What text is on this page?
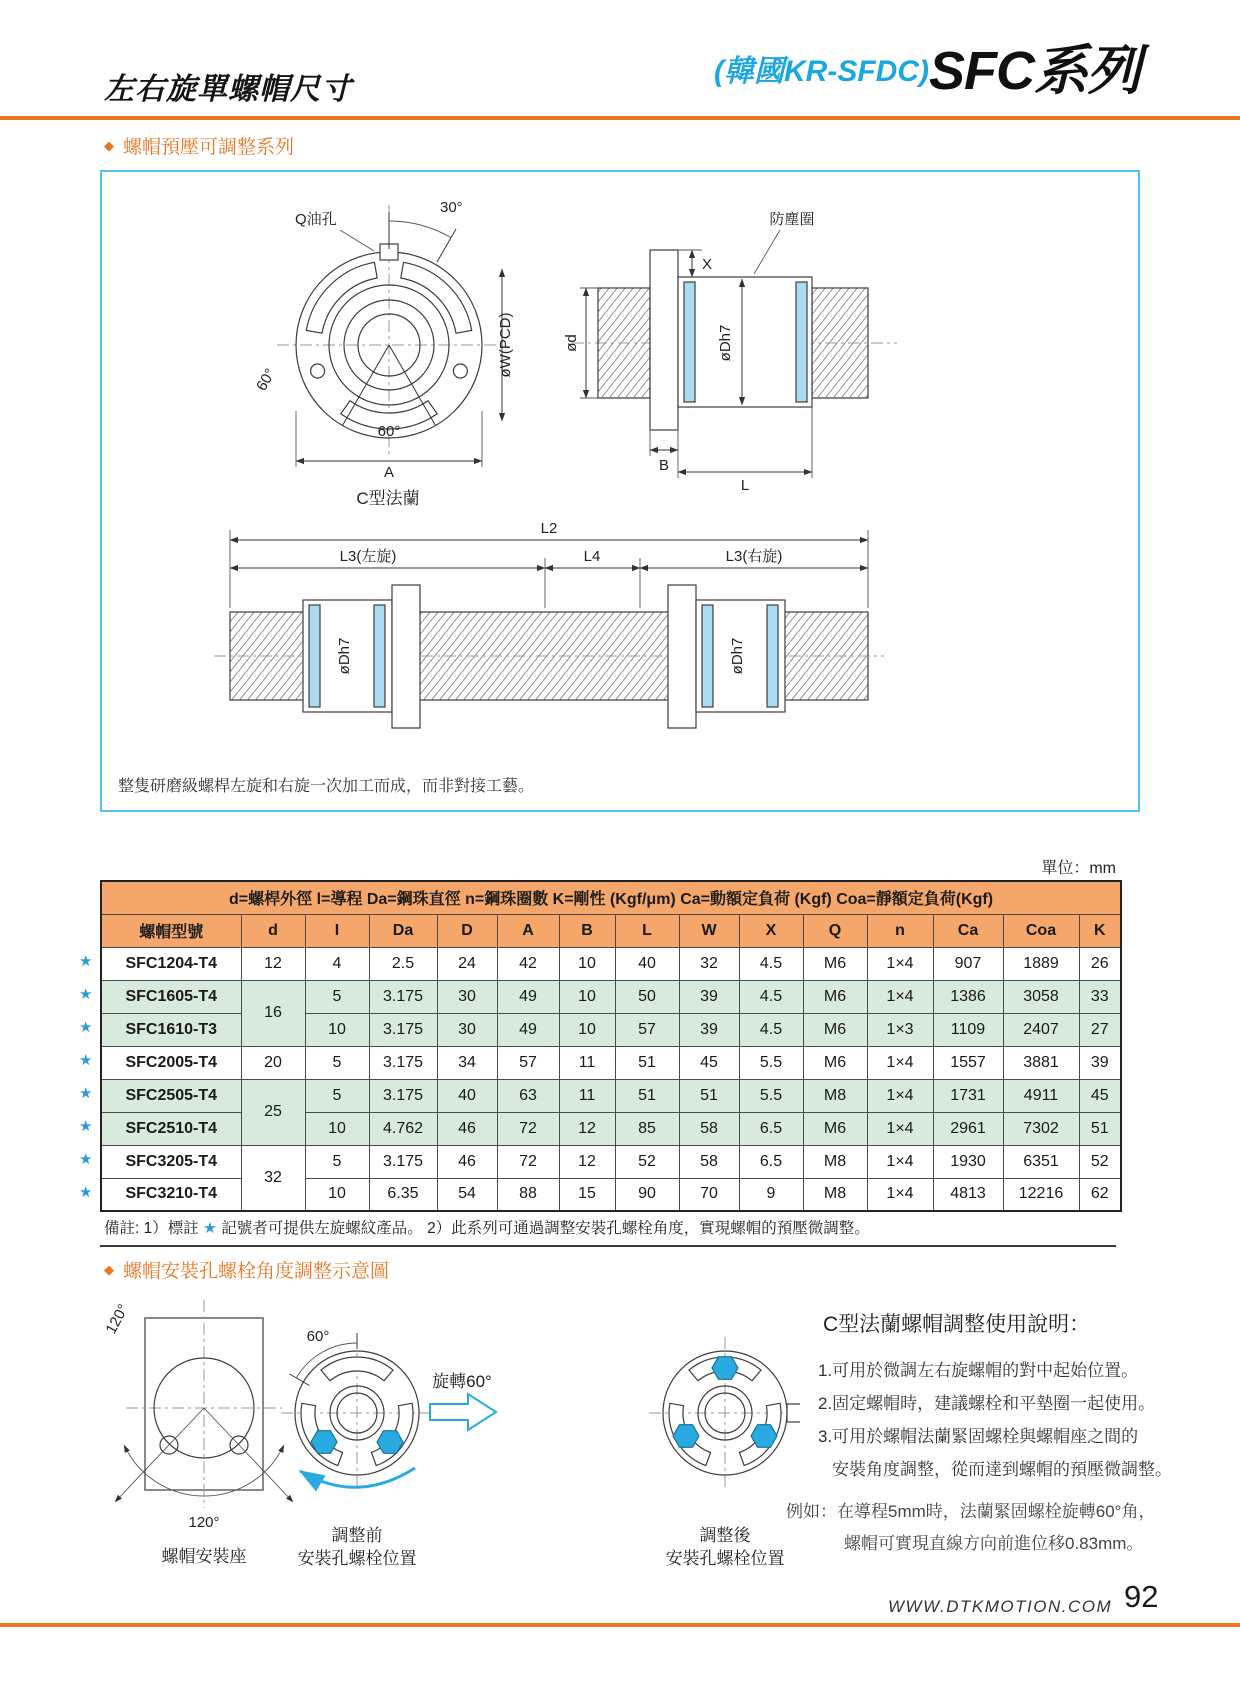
左右旋單螺帽尺寸
(韓國KR-SFDC) SFC系列
◆ 螺帽預壓可調整系列
Q油孔
30°
øW(PCD)
60°
60°
A
C型法蘭
防塵圈
X
ød	øDh7
B
L
L2
L3(左旋)	L4	L3(右旋)
øDh7	øDh7
整隻研磨級螺桿左旋和右旋一次加工而成，而非對接工藝。
單位：mm
★
★
★
★
★
★
★
★
d=螺桿外徑 l=導程 Da=鋼珠直徑 n=鋼珠圈數 K=剛性 (Kgf/μm) Ca=動額定負荷 (Kgf) Coa=靜額定負荷(Kgf)														
螺帽型號	d	I	Da	D	A	B	L	W	X	Q	n	Ca	Coa	K
SFC1204-T4	12	4	2.5	24	42	10	40	32	4.5	M6	1×4	907	1889	26
SFC1605-T4	16	5	3.175	30	49	10	50	39	4.5	M6	1×4	1386	3058	33
SFC1610-T3		10	3.175	30	49	10	57	39	4.5	M6	1×3	1109	2407	27
SFC2005-T4	20	5	3.175	34	57	11	51	45	5.5	M6	1×4	1557	3881	39
SFC2505-T4	25	5	3.175	40	63	11	51	51	5.5	M8	1×4	1731	4911	45
SFC2510-T4		10	4.762	46	72	12	85	58	6.5	M6	1×4	2961	7302	51
SFC3205-T4	32	5	3.175	46	72	12	52	58	6.5	M8	1×4	1930	6351	52
SFC3210-T4		10	6.35	54	88	15	90	70	9	M8	1×4	4813	12216	62
備註: 1）標註 ★ 記號者可提供左旋螺紋產品。 2）此系列可通過調整安裝孔螺栓角度，實現螺帽的預壓微調整。
◆ 螺帽安裝孔螺栓角度調整示意圖
120°
120°
螺帽安裝座
60°
調整前
安裝孔螺栓位置
旋轉60°
調整後
安裝孔螺栓位置
C型法蘭螺帽調整使用說明：
1.可用於微調左右旋螺帽的對中起始位置。
2.固定螺帽時，建議螺栓和平墊圈一起使用。
3.可用於螺帽法蘭緊固螺栓與螺帽座之間的
安裝角度調整，從而達到螺帽的預壓微調整。
例如：在導程5mm時，法蘭緊固螺栓旋轉60°角，
螺帽可實現直線方向前進位移0.83mm。
WWW.DTKMOTION.COM 92
